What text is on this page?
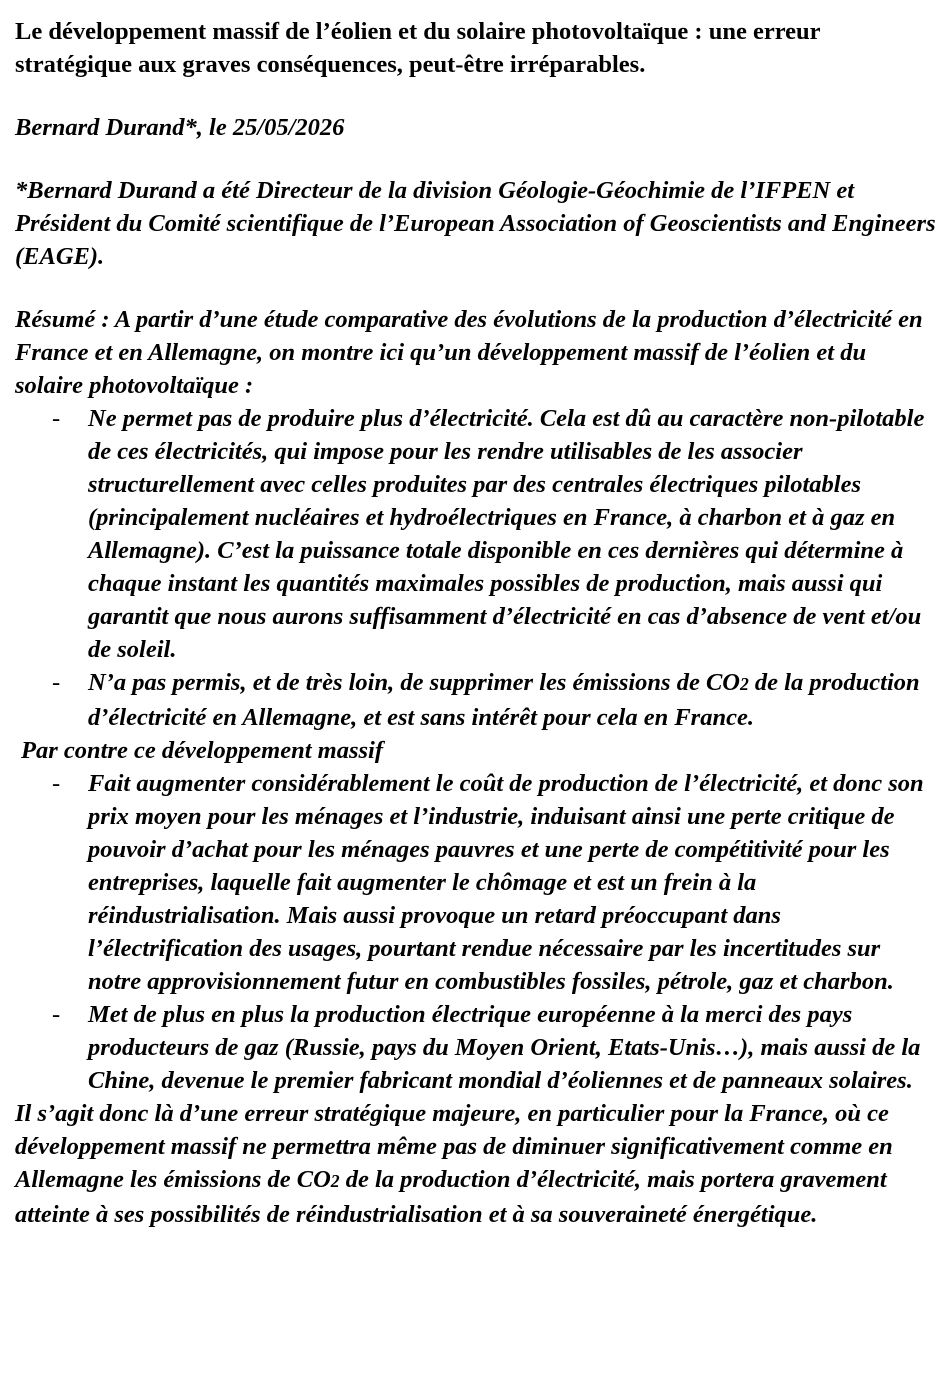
Le développement massif de l’éolien et du solaire photovoltaïque : une erreur stratégique aux graves conséquences, peut-être irréparables.

Bernard Durand*, le 25/05/2026

*Bernard Durand a été Directeur de la division Géologie-Géochimie de l’IFPEN et Président du Comité scientifique de l’European Association of Geoscientists and Engineers (EAGE).

Résumé : A partir d’une étude comparative des évolutions de la production d’électricité en France et en Allemagne, on montre ici qu’un développement massif de l’éolien et du solaire photovoltaïque :

- Ne permet pas de produire plus d’électricité. Cela est dû au caractère non-pilotable de ces électricités, qui impose pour les rendre utilisables de les associer structurellement avec celles produites par des centrales électriques pilotables (principalement nucléaires et hydroélectriques en France, à charbon et à gaz en Allemagne). C’est la puissance totale disponible en ces dernières qui détermine à chaque instant les quantités maximales possibles de production, mais aussi qui garantit que nous aurons suffisamment d’électricité en cas d’absence de vent et/ou de soleil.
- N’a pas permis, et de très loin, de supprimer les émissions de CO2 de la production d’électricité en Allemagne, et est sans intérêt pour cela en France.

Par contre ce développement massif

- Fait augmenter considérablement le coût de production de l’électricité, et donc son prix moyen pour les ménages et l’industrie, induisant ainsi une perte critique de pouvoir d’achat pour les ménages pauvres et une perte de compétitivité pour les entreprises, laquelle fait augmenter le chômage et est un frein à la réindustrialisation. Mais aussi provoque un retard préoccupant dans l’électrification des usages, pourtant rendue nécessaire par les incertitudes sur notre approvisionnement futur en combustibles fossiles, pétrole, gaz et charbon.
- Met de plus en plus la production électrique européenne à la merci des pays producteurs de gaz (Russie, pays du Moyen Orient, Etats-Unis…), mais aussi de la Chine, devenue le premier fabricant mondial d’éoliennes et de panneaux solaires.

Il s’agit donc là d’une erreur stratégique majeure, en particulier pour la France, où ce développement massif ne permettra même pas de diminuer significativement comme en Allemagne les émissions de CO2 de la production d’électricité, mais portera gravement atteinte à ses possibilités de réindustrialisation et à sa souveraineté énergétique.
